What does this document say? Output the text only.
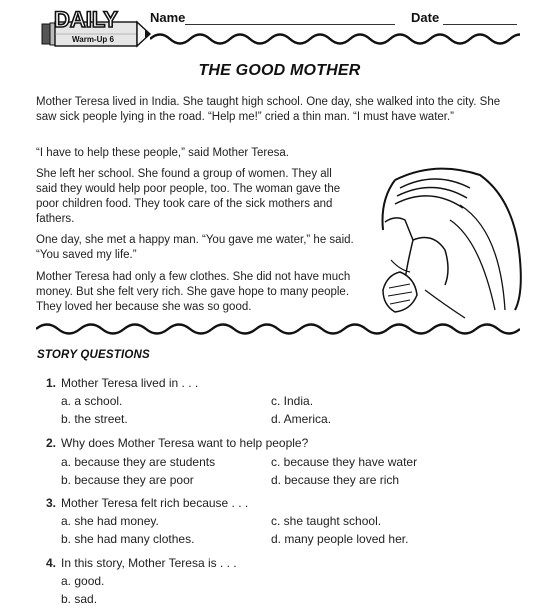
DAILY
Warm-Up 6
Name	Date
THE GOOD MOTHER
Mother Teresa lived in India. She taught high school. One day, she walked into the city. She saw sick people lying in the road. “Help me!” cried a thin man. “I must have water.”
“I have to help these people,” said Mother Teresa.
She left her school. She found a group of women. They all said they would help poor people, too. The woman gave the poor children food. They took care of the sick mothers and fathers.
One day, she met a happy man. “You gave me water,” he said. “You saved my life.”
Mother Teresa had only a few clothes. She did not have much money. But she felt very rich. She gave hope to many people. They loved her because she was so good.
STORY QUESTIONS
1. Mother Teresa lived in . . .
a. a school.	c. India.
b. the street.	d. America.
2. Why does Mother Teresa want to help people?
a. because they are students	c. because they have water
b. because they are poor	d. because they are rich
3. Mother Teresa felt rich because . . .
a. she had money.	c. she taught school.
b. she had many clothes.	d. many people loved her.
4. In this story, Mother Teresa is . . .
a. good.
b. sad.
